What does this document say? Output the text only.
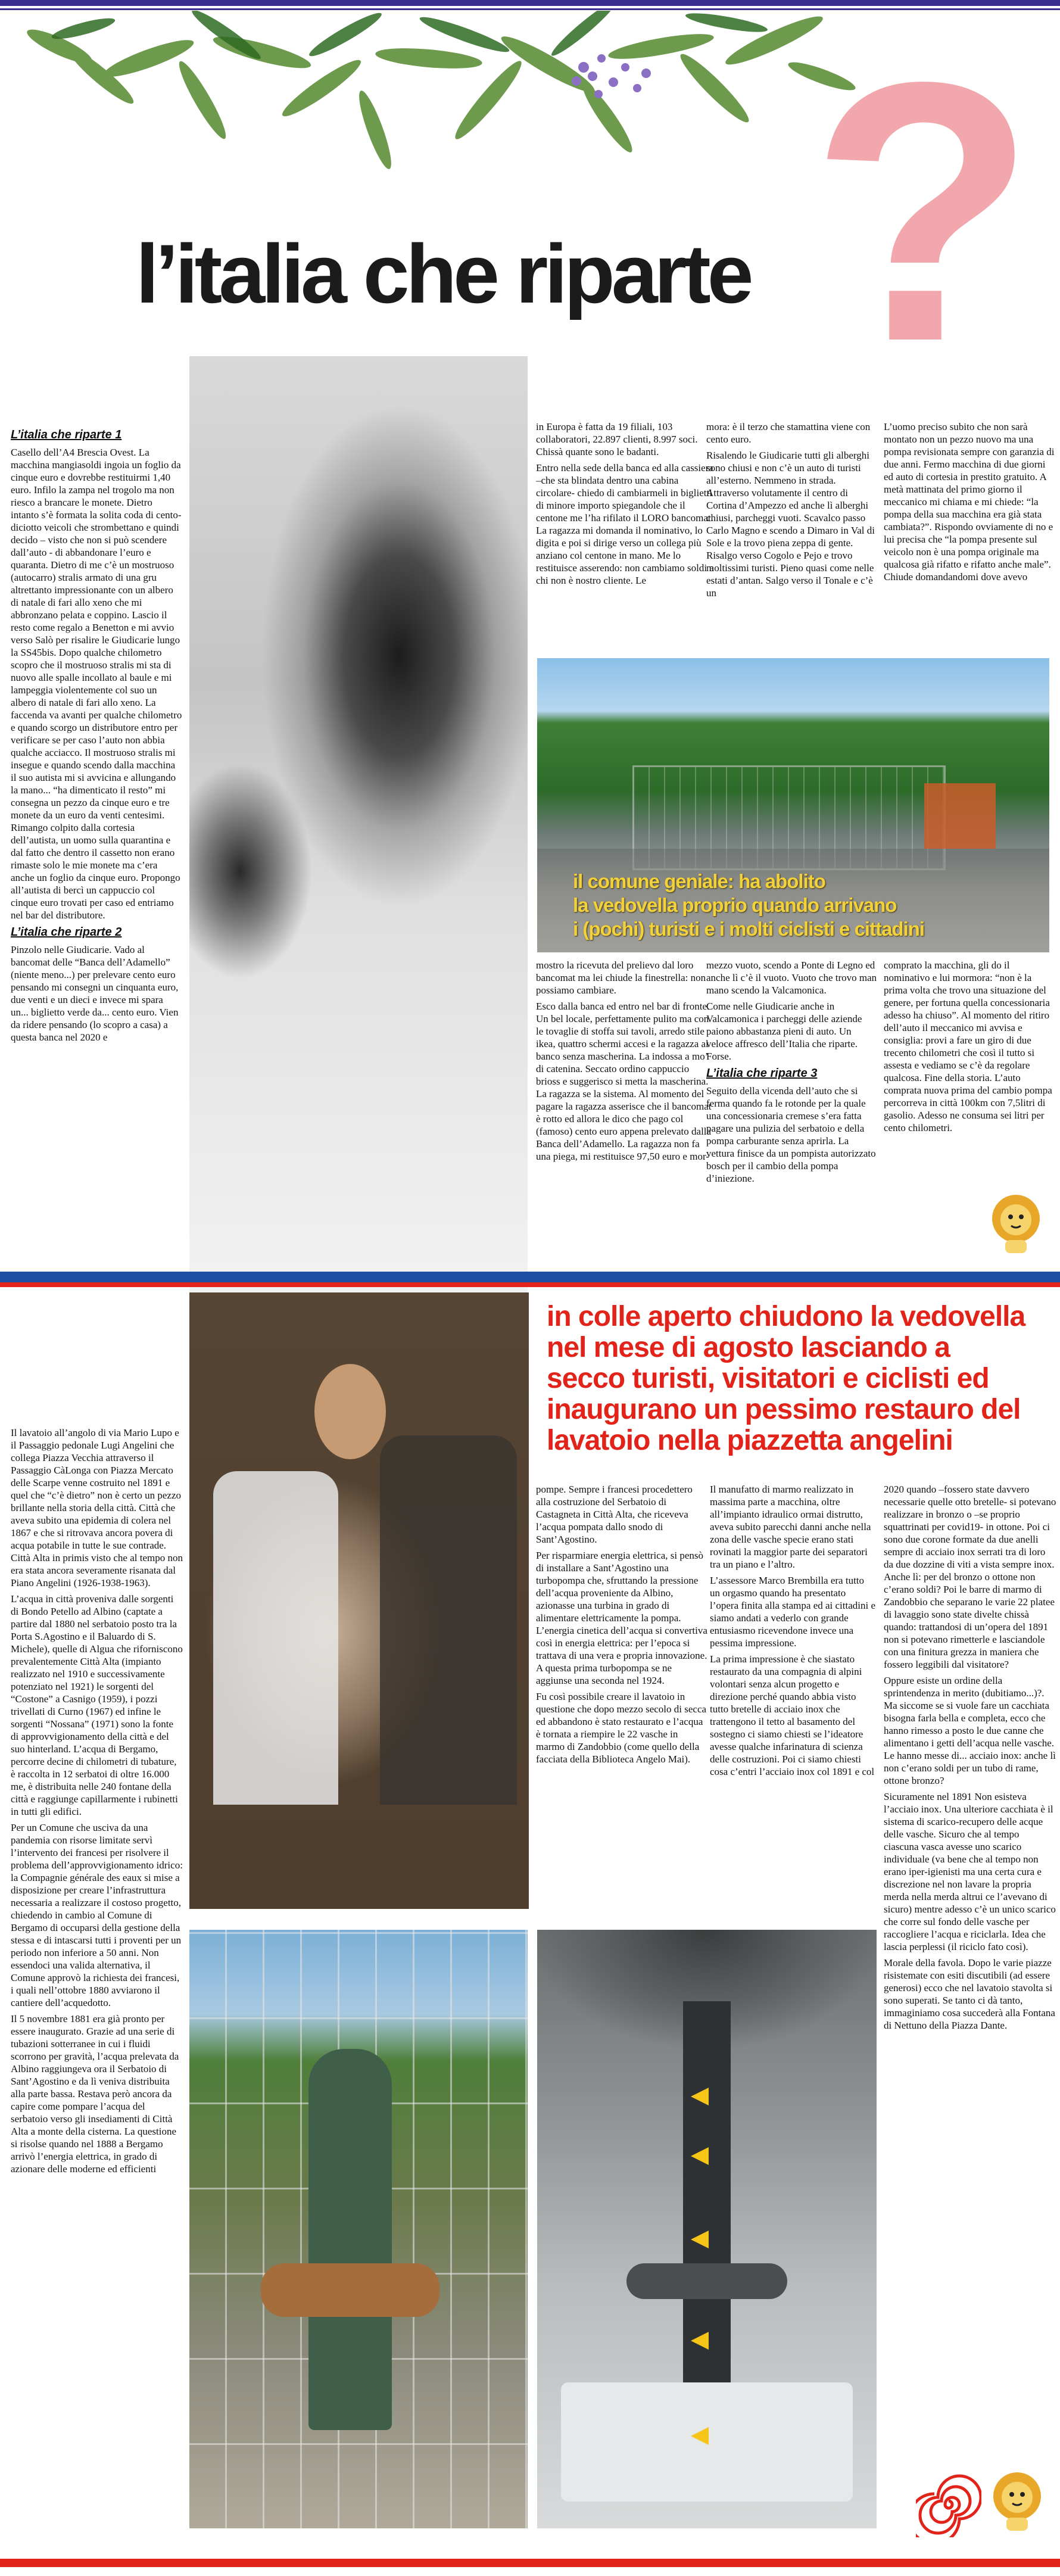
?
l’italia che riparte
il comune geniale: ha abolito
la vedovella proprio quando arrivano
i (pochi) turisti e i molti ciclisti e cittadini
in colle aperto chiudono la vedovella nel mese di agosto lasciando a secco turisti, visitatori e ciclisti ed inaugurano un pessimo restauro del lavatoio nella piazzetta angelini
L’italia che riparte 1

Casello dell’A4 Brescia Ovest. La macchina mangiasoldi ingoia un foglio da cinque euro e dovrebbe restituirmi 1,40 euro. Infilo la zampa nel trogolo ma non riesco a brancare le monete. Dietro intanto s’è formata la solita coda di cento-diciotto veicoli che strombettano e quindi decido – visto che non si può scendere dall’auto - di abbandonare l’euro e quaranta. Dietro di me c’è un mostruoso (autocarro) stralis armato di una gru altrettanto impressionante con un albero di natale di fari allo xeno che mi abbronzano pelata e coppino. Lascio il resto come regalo a Benetton e mi avvio verso Salò per risalire le Giudicarie lungo la SS45bis. Dopo qualche chilometro scopro che il mostruoso stralis mi sta di nuovo alle spalle incollato al baule e mi lampeggia violentemente col suo un albero di natale di fari allo xeno. La faccenda va avanti per qualche chilometro e quando scorgo un distributore entro per verificare se per caso l’auto non abbia qualche acciacco. Il mostruoso stralis mi insegue e quando scendo dalla macchina il suo autista mi si avvicina e allungando la mano... “ha dimenticato il resto” mi consegna un pezzo da cinque euro e tre monete da un euro da venti centesimi. Rimango colpito dalla cortesia dell’autista, un uomo sulla quarantina e dal fatto che dentro il cassetto non erano rimaste solo le mie monete ma c’era anche un foglio da cinque euro. Propongo all’autista di bercì un cappuccio col cinque euro trovati per caso ed entriamo nel bar del distributore.

L’italia che riparte 2

Pinzolo nelle Giudicarie. Vado al bancomat delle “Banca dell’Adamello” (niente meno...) per prelevare cento euro pensando mi consegni un cinquanta euro, due venti e un dieci e invece mi spara un... biglietto verde da... cento euro. Vien da ridere pensando (lo scopro a casa) a questa banca nel 2020 e

in Europa è fatta da 19 filiali, 103 collaboratori, 22.897 clienti, 8.997 soci. Chissà quante sono le badanti.

Entro nella sede della banca ed alla cassiera –che sta blindata dentro una cabina circolare- chiedo di cambiarmeli in biglietti di minore importo spiegandole che il centone me l’ha rifilato il LORO bancomat. La ragazza mi domanda il nominativo, lo digita e poi si dirige verso un collega più anziano col centone in mano. Me lo restituisce asserendo: non cambiamo soldi a chi non è nostro cliente. Le

mora: è il terzo che stamattina viene con cento euro.

Risalendo le Giudicarie tutti gli alberghi sono chiusi e non c’è un auto di turisti all’esterno. Nemmeno in strada. Attraverso volutamente il centro di Cortina d’Ampezzo ed anche lì alberghi chiusi, parcheggi vuoti. Scavalco passo Carlo Magno e scendo a Dimaro in Val di Sole e la trovo piena zeppa di gente. Risalgo verso Cogolo e Pejo e trovo moltissimi turisti. Pieno quasi come nelle estati d’antan. Salgo verso il Tonale e c’è un

L’uomo preciso subito che non sarà montato non un pezzo nuovo ma una pompa revisionata sempre con garanzia di due anni. Fermo macchina di due giorni ed auto di cortesia in prestito gratuito. A metà mattinata del primo giorno il meccanico mi chiama e mi chiede: “la pompa della sua macchina era già stata cambiata?”. Rispondo ovviamente di no e lui precisa che “la pompa presente sul veicolo non è una pompa originale ma qualcosa già rifatto e rifatto anche male”. Chiude domandandomi dove avevo

mostro la ricevuta del prelievo dal loro bancomat ma lei chiude la finestrella: non possiamo cambiare.

Esco dalla banca ed entro nel bar di fronte. Un bel locale, perfettamente pulito ma con le tovaglie di stoffa sui tavoli, arredo stile ikea, quattro schermi accesi e la ragazza al banco senza mascherina. La indossa a mo’ di catenina. Seccato ordino cappuccio brioss e suggerisco si metta la mascherina. La ragazza se la sistema. Al momento del pagare la ragazza asserisce che il bancomat è rotto ed allora le dico che pago col (famoso) cento euro appena prelevato dalla Banca dell’Adamello. La ragazza non fa una piega, mi restituisce 97,50 euro e mor-

mezzo vuoto, scendo a Ponte di Legno ed anche lì c’è il vuoto. Vuoto che trovo man mano scendo la Valcamonica.

Come nelle Giudicarie anche in Valcamonica i parcheggi delle aziende paiono abbastanza pieni di auto. Un veloce affresco dell’Italia che riparte. Forse.

L’italia che riparte 3

Seguito della vicenda dell’auto che si ferma quando fa le rotonde per la quale una concessionaria cremese s’era fatta pagare una pulizia del serbatoio e della pompa carburante senza aprirla. La vettura finisce da un pompista autorizzato bosch per il cambio della pompa d’iniezione.

comprato la macchina, gli do il nominativo e lui mormora: “non è la prima volta che trovo una situazione del genere, per fortuna quella concessionaria adesso ha chiuso”. Al momento del ritiro dell’auto il meccanico mi avvisa e consiglia: provi a fare un giro di due trecento chilometri che così il tutto si assesta e vediamo se c’è da regolare qualcosa. Fine della storia. L’auto comprata nuova prima del cambio pompa percorreva in città 100km con 7,5litri di gasolio. Adesso ne consuma sei litri per cento chilometri.

Il lavatoio all’angolo di via Mario Lupo e il Passaggio pedonale Lugi Angelini che collega Piazza Vecchia attraverso il Passaggio CàLonga con Piazza Mercato delle Scarpe venne costruito nel 1891 e quel che “c’è dietro” non è certo un pezzo brillante nella storia della città. Città che aveva subito una epidemia di colera nel 1867 e che si ritrovava ancora povera di acqua potabile in tutte le sue contrade. Città Alta in primis visto che al tempo non era stata ancora severamente risanata dal Piano Angelini (1926-1938-1963).

L’acqua in città proveniva dalle sorgenti di Bondo Petello ad Albino (captate a partire dal 1880 nel serbatoio posto tra la Porta S.Agostino e il Baluardo di S. Michele), quelle di Algua che riforniscono prevalentemente Città Alta (impianto realizzato nel 1910 e successivamente potenziato nel 1921) le sorgenti del “Costone” a Casnigo (1959), i pozzi trivellati di Curno (1967) ed infine le sorgenti “Nossana” (1971) sono la fonte di approvvigionamento della città e del suo hinterland. L’acqua di Bergamo, percorre decine di chilometri di tubature, è raccolta in 12 serbatoi di oltre 16.000 me, è distribuita nelle 240 fontane della città e raggiunge capillarmente i rubinetti in tutti gli edifici.

Per un Comune che usciva da una pandemia con risorse limitate servì l’intervento dei francesi per risolvere il problema dell’approvvigionamento idrico: la Compagnie générale des eaux si mise a disposizione per creare l’infrastruttura necessaria a realizzare il costoso progetto, chiedendo in cambio al Comune di Bergamo di occuparsi della gestione della stessa e di intascarsi tutti i proventi per un periodo non inferiore a 50 anni. Non essendoci una valida alternativa, il Comune approvò la richiesta dei francesi, i quali nell’ottobre 1880 avviarono il cantiere dell’acquedotto.

Il 5 novembre 1881 era già pronto per essere inaugurato. Grazie ad una serie di tubazioni sotterranee in cui i fluidi scorrono per gravità, l’acqua prelevata da Albino raggiungeva ora il Serbatoio di Sant’Agostino e da lì veniva distribuita alla parte bassa. Restava però ancora da capire come pompare l’acqua del serbatoio verso gli insediamenti di Città Alta a monte della cisterna. La questione si risolse quando nel 1888 a Bergamo arrivò l’energia elettrica, in grado di azionare delle moderne ed efficienti

pompe. Sempre i francesi procedettero alla costruzione del Serbatoio di Castagneta in Città Alta, che riceveva l’acqua pompata dallo snodo di Sant’Agostino.

Per risparmiare energia elettrica, si pensò di installare a Sant’Agostino una turbopompa che, sfruttando la pressione dell’acqua proveniente da Albino, azionasse una turbina in grado di alimentare elettricamente la pompa. L’energia cinetica dell’acqua si convertiva così in energia elettrica: per l’epoca si trattava di una vera e propria innovazione. A questa prima turbopompa se ne aggiunse una seconda nel 1924.

Fu così possibile creare il lavatoio in questione che dopo mezzo secolo di secca ed abbandono è stato restaurato e l’acqua è tornata a riempire le 22 vasche in marmo di Zandobbio (come quello della facciata della Biblioteca Angelo Mai).

Il manufatto di marmo realizzato in massima parte a macchina, oltre all’impianto idraulico ormai distrutto, aveva subito parecchi danni anche nella zona delle vasche specie erano stati rovinati la maggior parte dei separatori tra un piano e l’altro.

L’assessore Marco Brembilla era tutto un orgasmo quando ha presentato l’opera finita alla stampa ed ai cittadini e siamo andati a vederlo con grande entusiasmo ricevendone invece una pessima impressione.

La prima impressione è che siastato restaurato da una compagnia di alpini volontari senza alcun progetto e direzione perché quando abbia visto tutto bretelle di acciaio inox che trattengono il tetto al basamento del sostegno ci siamo chiesti se l’ideatore avesse qualche infarinatura di scienza delle costruzioni. Poi ci siamo chiesti cosa c’entri l’acciaio inox col 1891 e col

2020 quando –fossero state davvero necessarie quelle otto bretelle- si potevano realizzare in bronzo o –se proprio squattrinati per covid19- in ottone. Poi ci sono due corone formate da due anelli sempre di acciaio inox serrati tra di loro da due dozzine di viti a vista sempre inox. Anche lì: per del bronzo o ottone non c’erano soldi? Poi le barre di marmo di Zandobbio che separano le varie 22 platee di lavaggio sono state divelte chissà quando: trattandosi di un’opera del 1891 non si potevano rimetterle e lasciandole con una finitura grezza in maniera che fossero leggibili dal visitatore?

Oppure esiste un ordine della sprintendenza in merito (dubitiamo...)?. Ma siccome se si vuole fare un cacchiata bisogna farla bella e completa, ecco che hanno rimesso a posto le due canne che alimentano i getti dell’acqua nelle vasche. Le hanno messe di... acciaio inox: anche lì non c’erano soldi per un tubo di rame, ottone bronzo?

Sicuramente nel 1891 Non esisteva l’acciaio inox. Una ulteriore cacchiata è il sistema di scarico-recupero delle acque delle vasche. Sicuro che al tempo ciascuna vasca avesse uno scarico individuale (va bene che al tempo non erano iper-igienisti ma una certa cura e discrezione nel non lavare la propria merda nella merda altrui ce l’avevano di sicuro) mentre adesso c’è un unico scarico che corre sul fondo delle vasche per raccogliere l’acqua e riciclarla. Idea che lascia perplessi (il riciclo fato così).

Morale della favola. Dopo le varie piazze risistemate con esiti discutibili (ad essere generosi) ecco che nel lavatoio stavolta si sono superati. Se tanto ci dà tanto, immaginiamo cosa succederà alla Fontana di Nettuno della Piazza Dante.
